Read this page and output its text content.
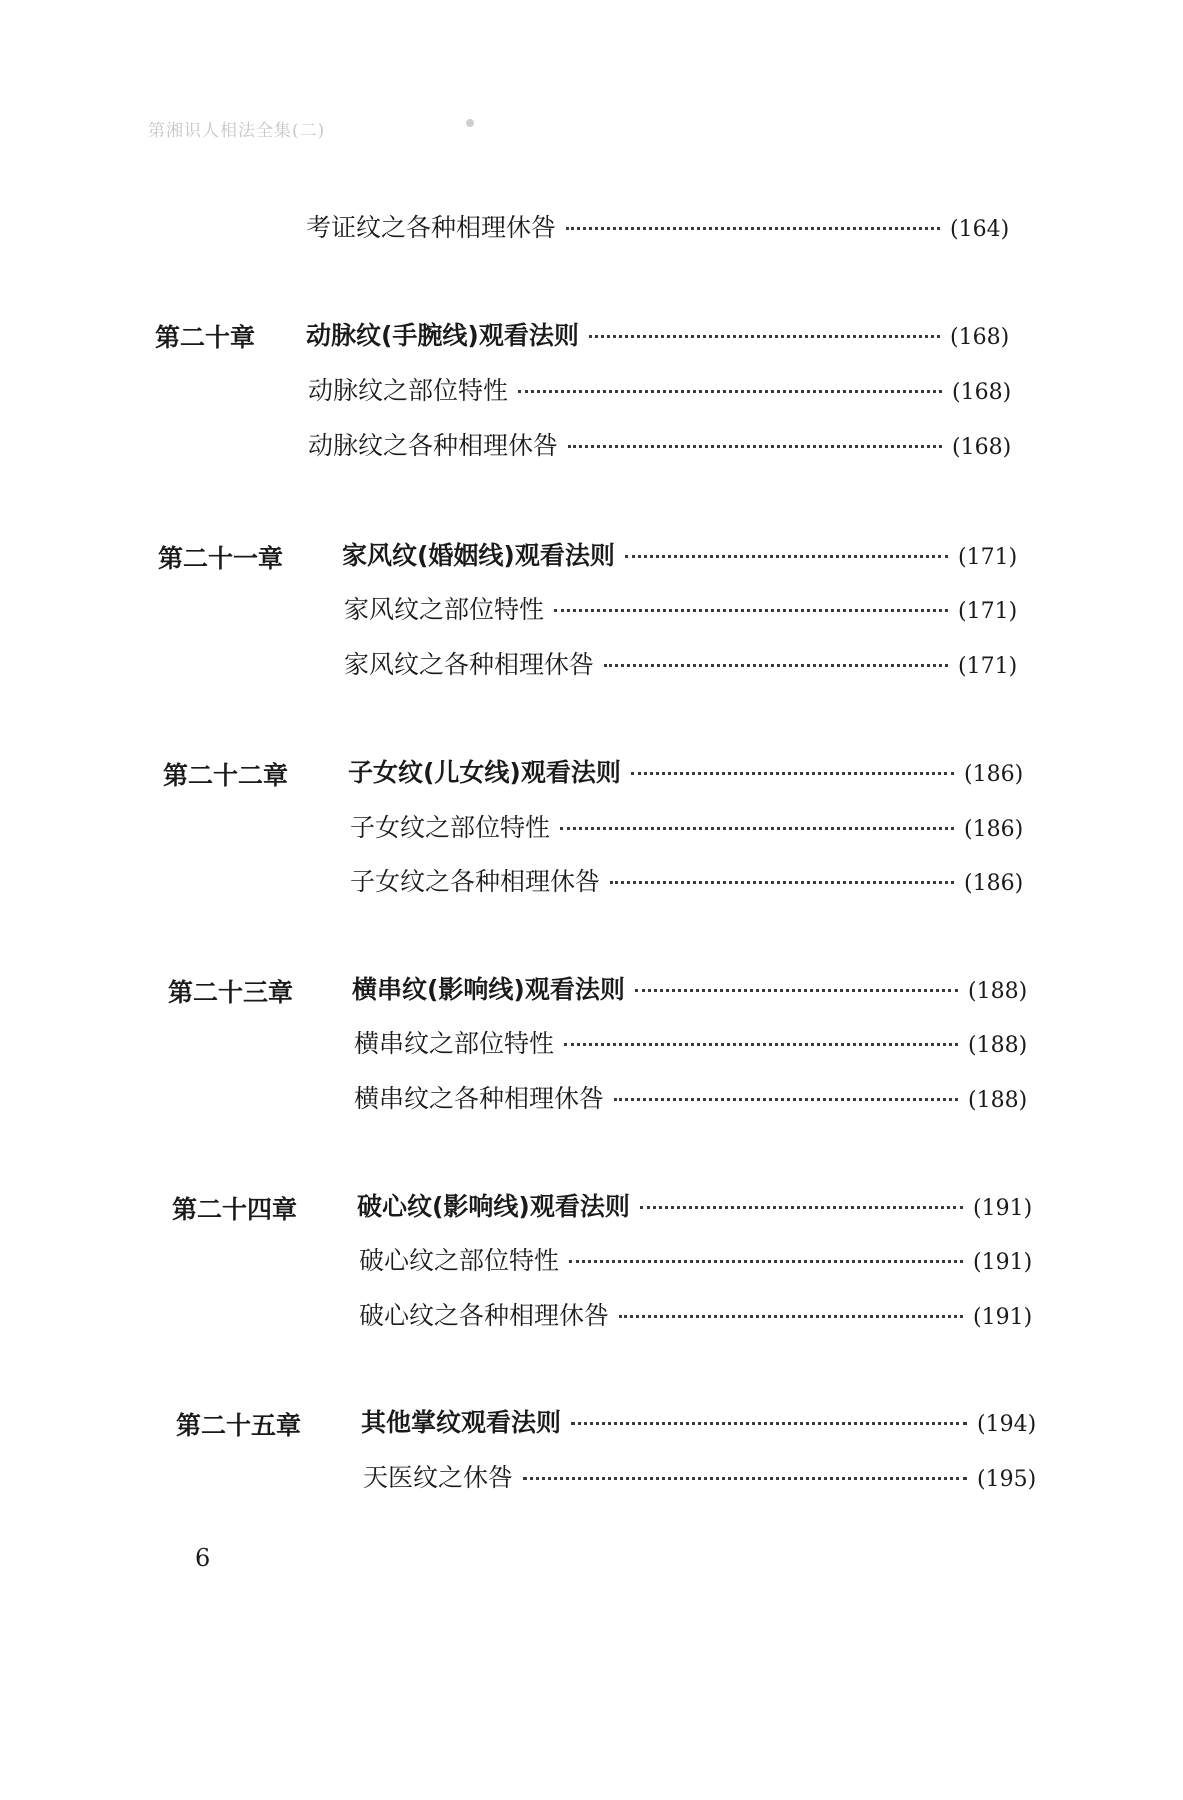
第湘识人相法全集(二)
考证纹之各种相理休咎	(164)
第二十章 动脉纹(手腕线)观看法则	(168)
动脉纹之部位特性	(168)
动脉纹之各种相理休咎	(168)
第二十一章 家风纹(婚姻线)观看法则	(171)
家风纹之部位特性	(171)
家风纹之各种相理休咎	(171)
第二十二章 子女纹(儿女线)观看法则	(186)
子女纹之部位特性	(186)
子女纹之各种相理休咎	(186)
第二十三章 横串纹(影响线)观看法则	(188)
横串纹之部位特性	(188)
横串纹之各种相理休咎	(188)
第二十四章 破心纹(影响线)观看法则	(191)
破心纹之部位特性	(191)
破心纹之各种相理休咎	(191)
第二十五章 其他掌纹观看法则	(194)
天医纹之休咎	(195)
6
